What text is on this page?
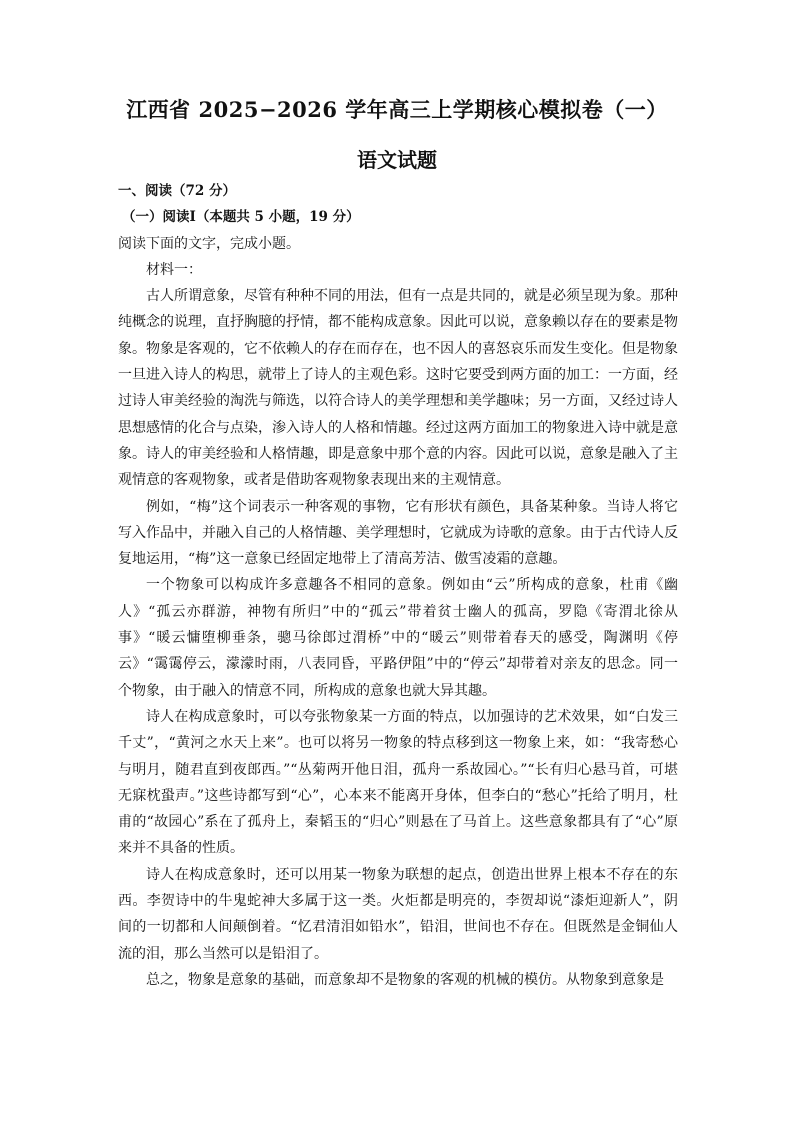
江西省 2025−2026 学年高三上学期核心模拟卷（一）
语文试题
一、阅读（72 分）
（一）阅读Ⅰ（本题共 5 小题，19 分）
阅读下面的文字，完成小题。
材料一：
古人所谓意象，尽管有种种不同的用法，但有一点是共同的，就是必须呈现为象。那种纯概念的说理，直抒胸臆的抒情，都不能构成意象。因此可以说，意象赖以存在的要素是物象。物象是客观的，它不依赖人的存在而存在，也不因人的喜怒哀乐而发生变化。但是物象一旦进入诗人的构思，就带上了诗人的主观色彩。这时它要受到两方面的加工：一方面，经过诗人审美经验的淘洗与筛选，以符合诗人的美学理想和美学趣味；另一方面，又经过诗人思想感情的化合与点染，渗入诗人的人格和情趣。经过这两方面加工的物象进入诗中就是意象。诗人的审美经验和人格情趣，即是意象中那个意的内容。因此可以说，意象是融入了主观情意的客观物象，或者是借助客观物象表现出来的主观情意。
例如，“梅”这个词表示一种客观的事物，它有形状有颜色，具备某种象。当诗人将它写入作品中，并融入自己的人格情趣、美学理想时，它就成为诗歌的意象。由于古代诗人反复地运用，“梅”这一意象已经固定地带上了清高芳洁、傲雪凌霜的意趣。
一个物象可以构成许多意趣各不相同的意象。例如由“云”所构成的意象，杜甫《幽人》“孤云亦群游，神物有所归”中的“孤云”带着贫士幽人的孤高，罗隐《寄渭北徐从事》“暖云慵堕柳垂条，骢马徐郎过渭桥”中的“暖云”则带着春天的感受，陶渊明《停云》“霭霭停云，濛濛时雨，八表同昏，平路伊阻”中的“停云”却带着对亲友的思念。同一个物象，由于融入的情意不同，所构成的意象也就大异其趣。
诗人在构成意象时，可以夸张物象某一方面的特点，以加强诗的艺术效果，如“白发三千丈”，“黄河之水天上来”。也可以将另一物象的特点移到这一物象上来，如：“我寄愁心与明月，随君直到夜郎西。”“丛菊两开他日泪，孤舟一系故园心。”“长有归心悬马首，可堪无寐枕蛩声。”这些诗都写到“心”，心本来不能离开身体，但李白的“愁心”托给了明月，杜甫的“故园心”系在了孤舟上，秦韬玉的“归心”则悬在了马首上。这些意象都具有了“心”原来并不具备的性质。
诗人在构成意象时，还可以用某一物象为联想的起点，创造出世界上根本不存在的东西。李贺诗中的牛鬼蛇神大多属于这一类。火炬都是明亮的，李贺却说“漆炬迎新人”，阴间的一切都和人间颠倒着。“忆君清泪如铅水”，铅泪，世间也不存在。但既然是金铜仙人流的泪，那么当然可以是铅泪了。
总之，物象是意象的基础，而意象却不是物象的客观的机械的模仿。从物象到意象是
